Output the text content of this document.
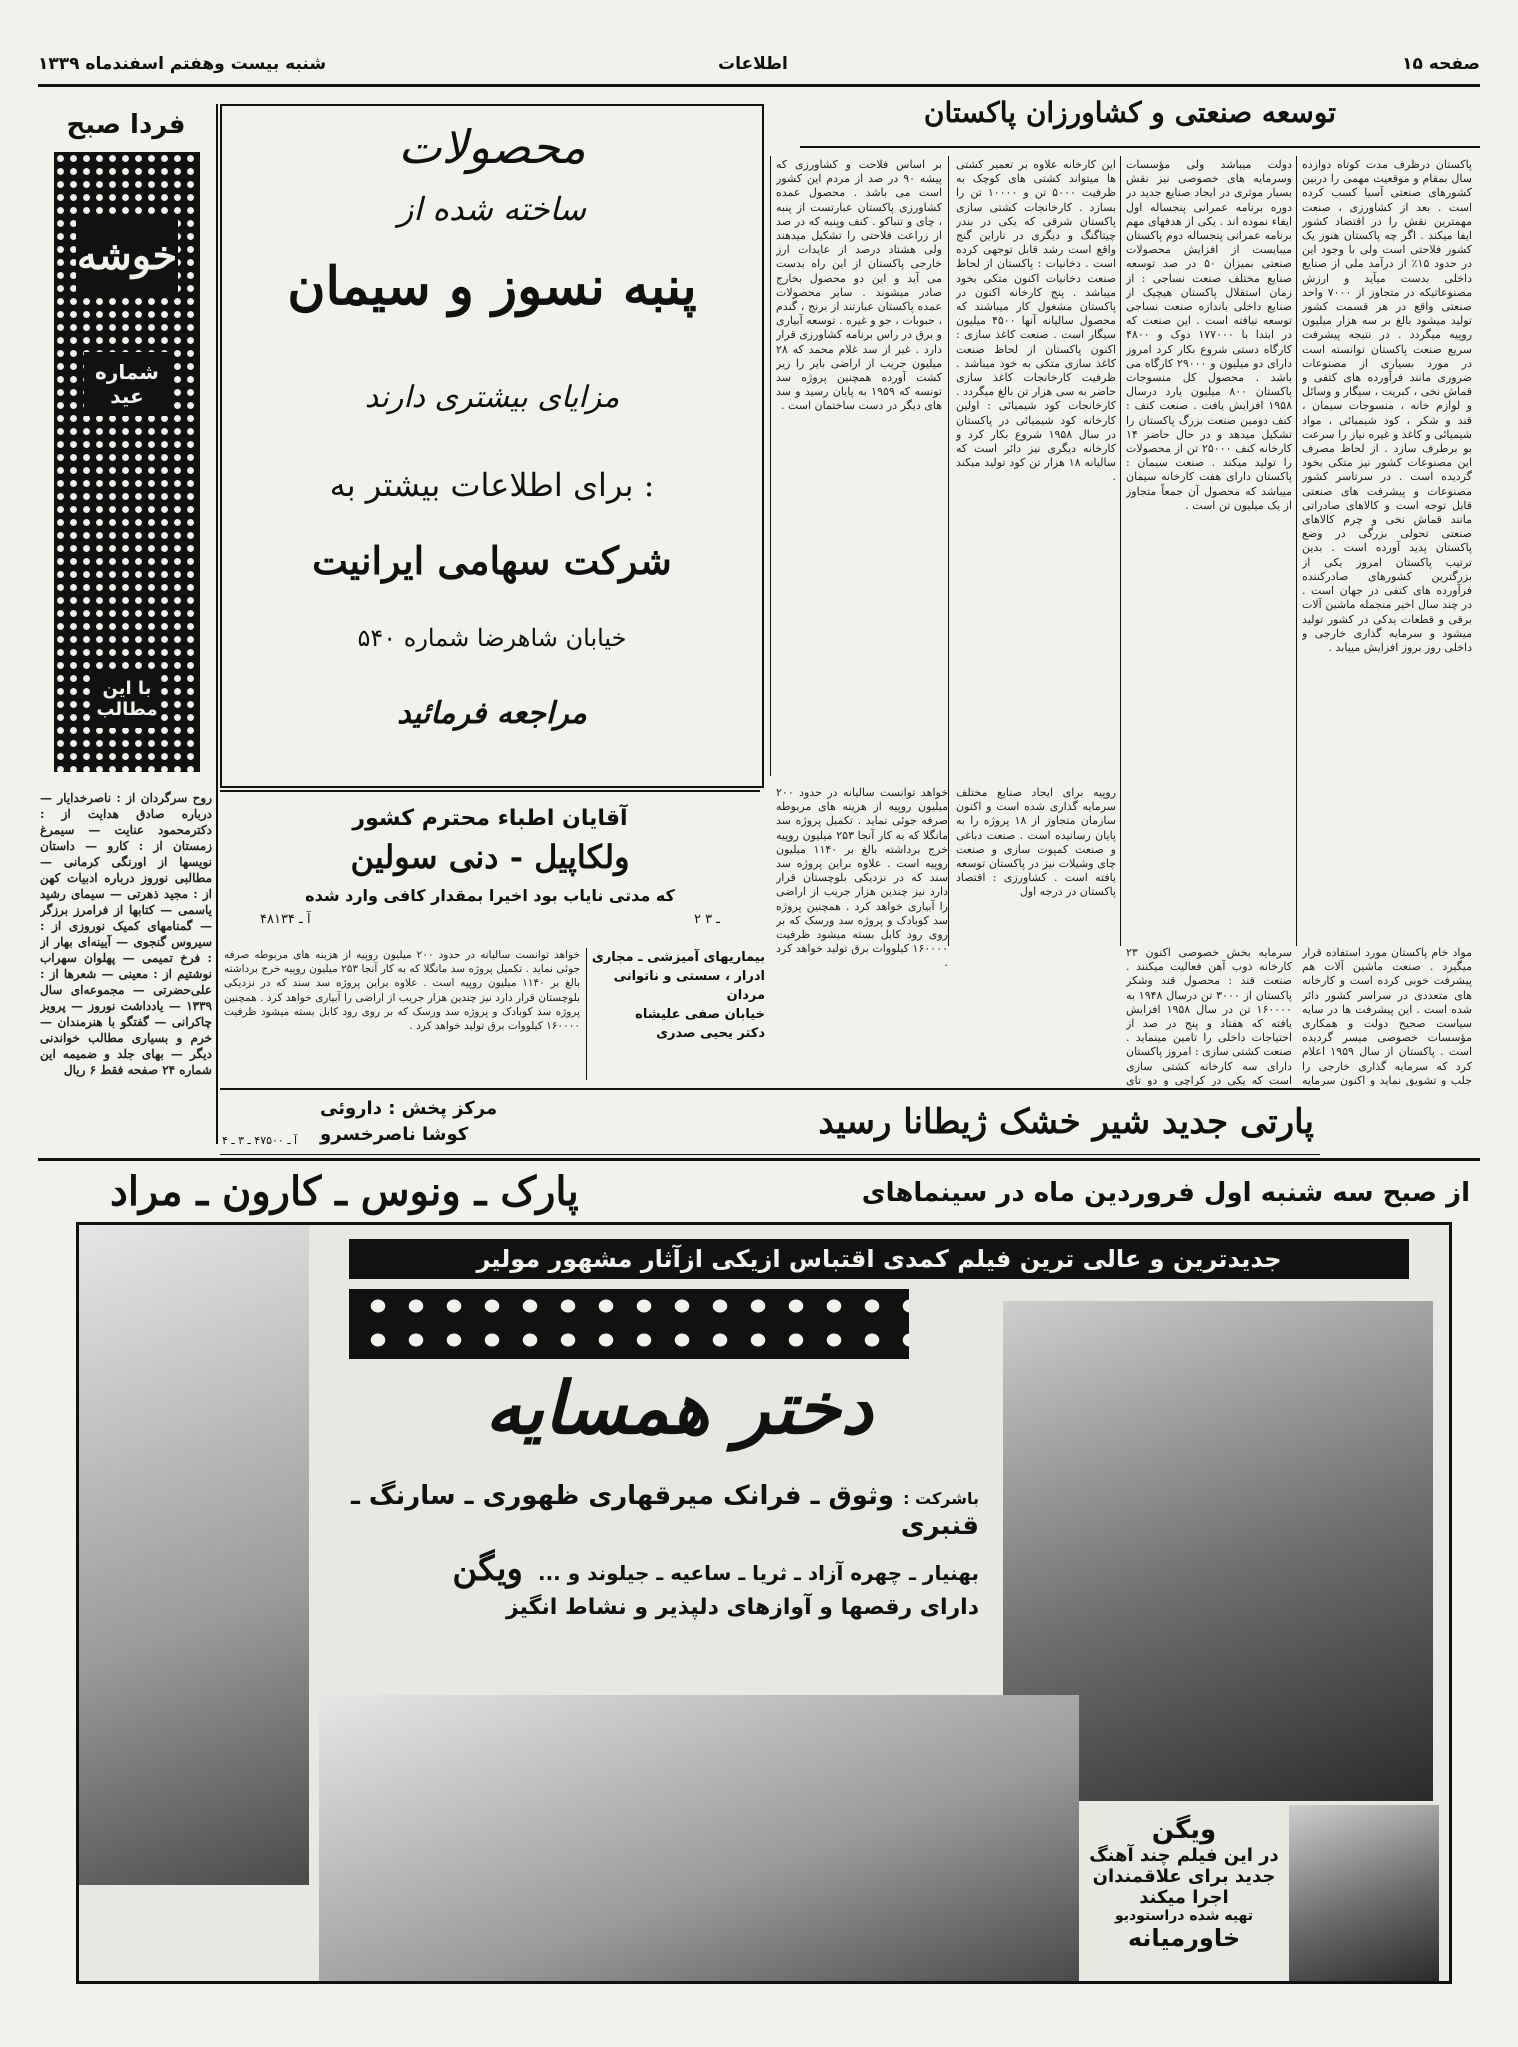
صفحه ۱۵
اطلاعات
شنبه بیست وهفتم اسفندماه ۱۳۳۹
توسعه صنعتی و کشاورزان پاکستان
پاکستان درظرف مدت کوتاه دوازده سال بمقام و موقعیت مهمی را دربین کشورهای صنعتی آسیا کسب کرده است . بعد از کشاورزی ، صنعت مهمترین نقش را در اقتصاد کشور ایفا میکند . اگر چه پاکستان هنوز یک کشور فلاحتی است ولی با وجود این در حدود ۱۵٪ از درآمد ملی از صنایع داخلی بدست میآید و ارزش مصنوعاتیکه در متجاوز از ۷۰۰۰ واحد صنعتی واقع در هر قسمت کشور تولید میشود بالغ بر سه هزار میلیون روپیه میگردد . در نتیجه پیشرفت سریع صنعت پاکستان توانسته است در مورد بسیاری از مصنوعات ضروری مانند فرآورده های کتفی و قماش نخی ، کبریت ، سیگار و وسائل و لوازم خانه ، منسوجات سیمان ، قند و شکر ، کود شیمیائی ، مواد شیمیائی و کاغذ و غیره نیاز را سرعت بو برطرف سازد . از لحاظ مصرف این مصنوعات کشور نیز متکی بخود گردیده است . در سرتاسر کشور مصنوعات و پیشرفت های صنعتی قابل توجه است و کالاهای صادراتی مانند قماش نخی و چرم کالاهای صنعتی تحولی بزرگی در وضع پاکستان پدید آورده است . بدین ترتیب پاکستان امروز یکی از بزرگترین کشورهای صادرکننده فرآورده های کتفی در جهان است . در چند سال اخیر منجمله ماشین آلات برقی و قطعات یدکی در کشور تولید میشود و سرمایه گذاری خارجی و داخلی روز بروز افزایش مییابد .
دولت میباشد ولی مؤسسات وسرمایه های خصوصی نیز نقش بسیار موثری در ایجاد صنایع جدید در دوره برنامه عمرانی پنجساله اول ایفاء نموده اند . یکی از هدفهای مهم برنامه عمرانی پنجساله دوم پاکستان میبایست از افزایش محصولات صنعتی بمیزان ۵۰ در صد توسعه صنایع مختلف صنعت نساجی : از زمان استقلال پاکستان هیچیک از صنایع داخلی باندازه صنعت نساجی توسعه نیافته است . این صنعت که در ابتدا با ۱۷۷۰۰۰ دوک و ۴۸۰۰ کارگاه دستی شروع بکار کرد امروز دارای دو میلیون و ۲۹۰۰۰ کارگاه می باشد . محصول کل منسوجات پاکستان ۸۰۰ میلیون یارد درسال ۱۹۵۸ افزایش یافت . صنعت کنف : کنف دومین صنعت بزرگ پاکستان را تشکیل میدهد و در حال حاضر ۱۴ کارخانه کنف ۲۵۰۰۰ تن از محصولات را تولید میکند . صنعت سیمان : پاکستان دارای هفت کارخانه سیمان میباشد که محصول آن جمعاً متجاوز از یک میلیون تن است .
این کارخانه علاوه بر تعمیر کشتی ها میتواند کشتی های کوچک به ظرفیت ۵۰۰۰ تن و ۱۰۰۰۰ تن را بسازد . کارخانجات کشتی سازی پاکستان شرقی که یکی در بندر چیتاگنگ و دیگری در ناراین گنج واقع است رشد قابل توجهی کرده است . دخانیات : پاکستان از لحاظ صنعت دخانیات اکنون متکی بخود میباشد . پنج کارخانه اکنون در پاکستان مشغول کار میباشند که محصول سالیانه آنها ۴۵۰۰ میلیون سیگار است . صنعت کاغذ سازی : اکنون پاکستان از لحاظ صنعت کاغذ سازی متکی به خود میباشد . ظرفیت کارخانجات کاغذ سازی حاضر به سی هزار تن بالغ میگردد . کارخانجات کود شیمیائی : اولین کارخانه کود شیمیائی در پاکستان در سال ۱۹۵۸ شروع بکار کرد و کارخانه دیگری نیز دائر است که سالیانه ۱۸ هزار تن کود تولید میکند .
بر اساس فلاحت و کشاورزی که پیشه ۹۰ در صد از مردم این کشور است می باشد . محصول عمده کشاورزی پاکستان عبارتست از پنبه ، چای و تنباکو . کنف وپنبه که در صد از زراعت فلاحتی را تشکیل میدهند ولی هشتاد درصد از عایدات ارز خارجی پاکستان از این راه بدست می آید و این دو محصول بخارج صادر میشوند . سایر محصولات عمده پاکستان عبارتند از برنج ، گندم ، حبوبات ، جو و غیره . توسعه آبیاری و برق در راس برنامه کشاورزی قرار دارد . غیر از سد غلام محمد که ۲۸ میلیون جریب از اراضی بایر را زیر کشت آورده همچنین پروژه سد تونسه که ۱۹۵۹ به پایان رسید و سد های دیگر در دست ساختمان است .
روپیه برای ایجاد صنایع مختلف سرمایه گذاری شده است و اکنون سازمان متجاوز از ۱۸ پروژه را به پایان رسانیده است . صنعت دباغی و صنعت کمپوت سازی و صنعت چای وشیلات نیز در پاکستان توسعه یافته است . کشاورزی : اقتصاد پاکستان در درجه اول
سرمایه بخش خصوصی اکنون ۲۳ کارخانه ذوب آهن فعالیت میکنند . صنعت قند : محصول قند وشکر پاکستان از ۳۰۰۰ تن درسال ۱۹۴۸ به ۱۶۰۰۰۰ تن در سال ۱۹۵۸ افزایش یافته که هفتاد و پنج در صد از احتیاجات داخلی را تامین مینماید . صنعت کشتی سازی : امروز پاکستان دارای سه کارخانه کشتی سازی است که یکی در کراچی و دو تای
مواد خام پاکستان مورد استفاده قرار میگیرد . صنعت ماشین آلات هم پیشرفت خوبی کرده است و کارخانه های متعددی در سراسر کشور دائر شده است . این پیشرفت ها در سایه سیاست صحیح دولت و همکاری مؤسسات خصوصی میسر گردیده است . پاکستان از سال ۱۹۵۹ اعلام کرد که سرمایه گذاری خارجی را جلب و تشویق نماید و اکنون سرمایه
خواهد توانست سالیانه در حدود ۲۰۰ میلیون روپیه از هزینه های مربوطه صرفه جوئی نماید . تکمیل پروژه سد مانگلا که به کار آنجا ۲۵۳ میلیون روپیه خرج برداشته بالغ بر ۱۱۴۰ میلیون روپیه است . علاوه براین پروژه سد سند که در نزدیکی بلوچستان قرار دارد نیز چندین هزار جریب از اراضی را آبیاری خواهد کرد . همچنین پروژه سد کوبادک و پروژه سد ورسک که بر روی رود کابل بسته میشود ظرفیت ۱۶۰۰۰۰ کیلووات برق تولید خواهد کرد .
محصولات
ساخته شده از
پنبه نسوز و سیمان
مزایای بیشتری دارند
برای اطلاعات بیشتر به :
شرکت سهامی ایرانیت
خیابان شاهرضا شماره ۵۴۰
مراجعه فرمائید
آقایان اطباء محترم کشور
ولکاپیل - دنی سولین
که مدتی نایاب بود اخیرا بمقدار کافی وارد شده
آ ـ ۴۸۱۳۴	۲ ـ ۳
بیماریهای آمیزشی ـ مجاری
ادرار ، سستی و ناتوانی مردان
خیابان صفی علیشاه
دکتر یحیی صدری
خواهد توانست سالیانه در حدود ۲۰۰ میلیون روپیه از هزینه های مربوطه صرفه جوئی نماید . تکمیل پروژه سد مانگلا که به کار آنجا ۲۵۳ میلیون روپیه خرج برداشته بالغ بر ۱۱۴۰ میلیون روپیه است . علاوه براین پروژه سد سند که در نزدیکی بلوچستان قرار دارد نیز چندین هزار جریب از اراضی را آبیاری خواهد کرد . همچنین پروژه سد کوبادک و پروژه سد ورسک که بر روی رود کابل بسته میشود ظرفیت ۱۶۰۰۰۰ کیلووات برق تولید خواهد کرد .
پارتی جدید شیر خشک ژیطانا رسید
مرکز پخش : داروئی
کوشا ناصرخسرو
آ ـ ۴۷۵۰۰ ـ ۳ ـ ۴
فردا صبح
خوشه
شماره عید
با این مطالب
روح سرگردان از : ناصرخدایار — درباره صادق هدایت از : دکترمحمود عنایت — سیمرغ زمستان از : کارو — داستان نویسها از اورنگی کرمانی — مطالبی نوروز درباره ادبیات کهن از : مجید ذهرتی — سیمای رشید یاسمی — کتابها از فرامرز برزگر — گمنامهای کمیک نوروزی از : سیروس گنجوی — آیینه‌ای بهار از : فرخ تمیمی — پهلوان سهراب نوشتیم از : معینی — شعرها از : علی‌حضرتی — مجموعه‌ای سال ۱۳۳۹ — یادداشت نوروز — پرویز چاکرانی — گفتگو با هنرمندان — خرم و بسیاری مطالب خواندنی دیگر — بهای جلد و ضمیمه این شماره ۲۴ صفحه فقط ۶ ریال
از صبح سه شنبه اول فروردین ماه در سینماهای
پارک ـ ونوس ـ کارون ـ مراد
جدیدترین و عالی ترین فیلم کمدی اقتباس ازیکی ازآثار مشهور مولیر
دختر همسایه
باشرکت : وثوق ـ فرانک میرقهاری ظهوری ـ سارنگ ـ قنبری
بهنیار ـ چهره آزاد ـ ثریا ـ ساعیه ـ جیلوند و ... ویگن
دارای رقصها و آوازهای دلپذیر و نشاط انگیز
ویگن
در این فیلم چند آهنگ
جدید برای علاقمندان
اجرا میکند
تهیه شده دراستودیو
خاورمیانه
